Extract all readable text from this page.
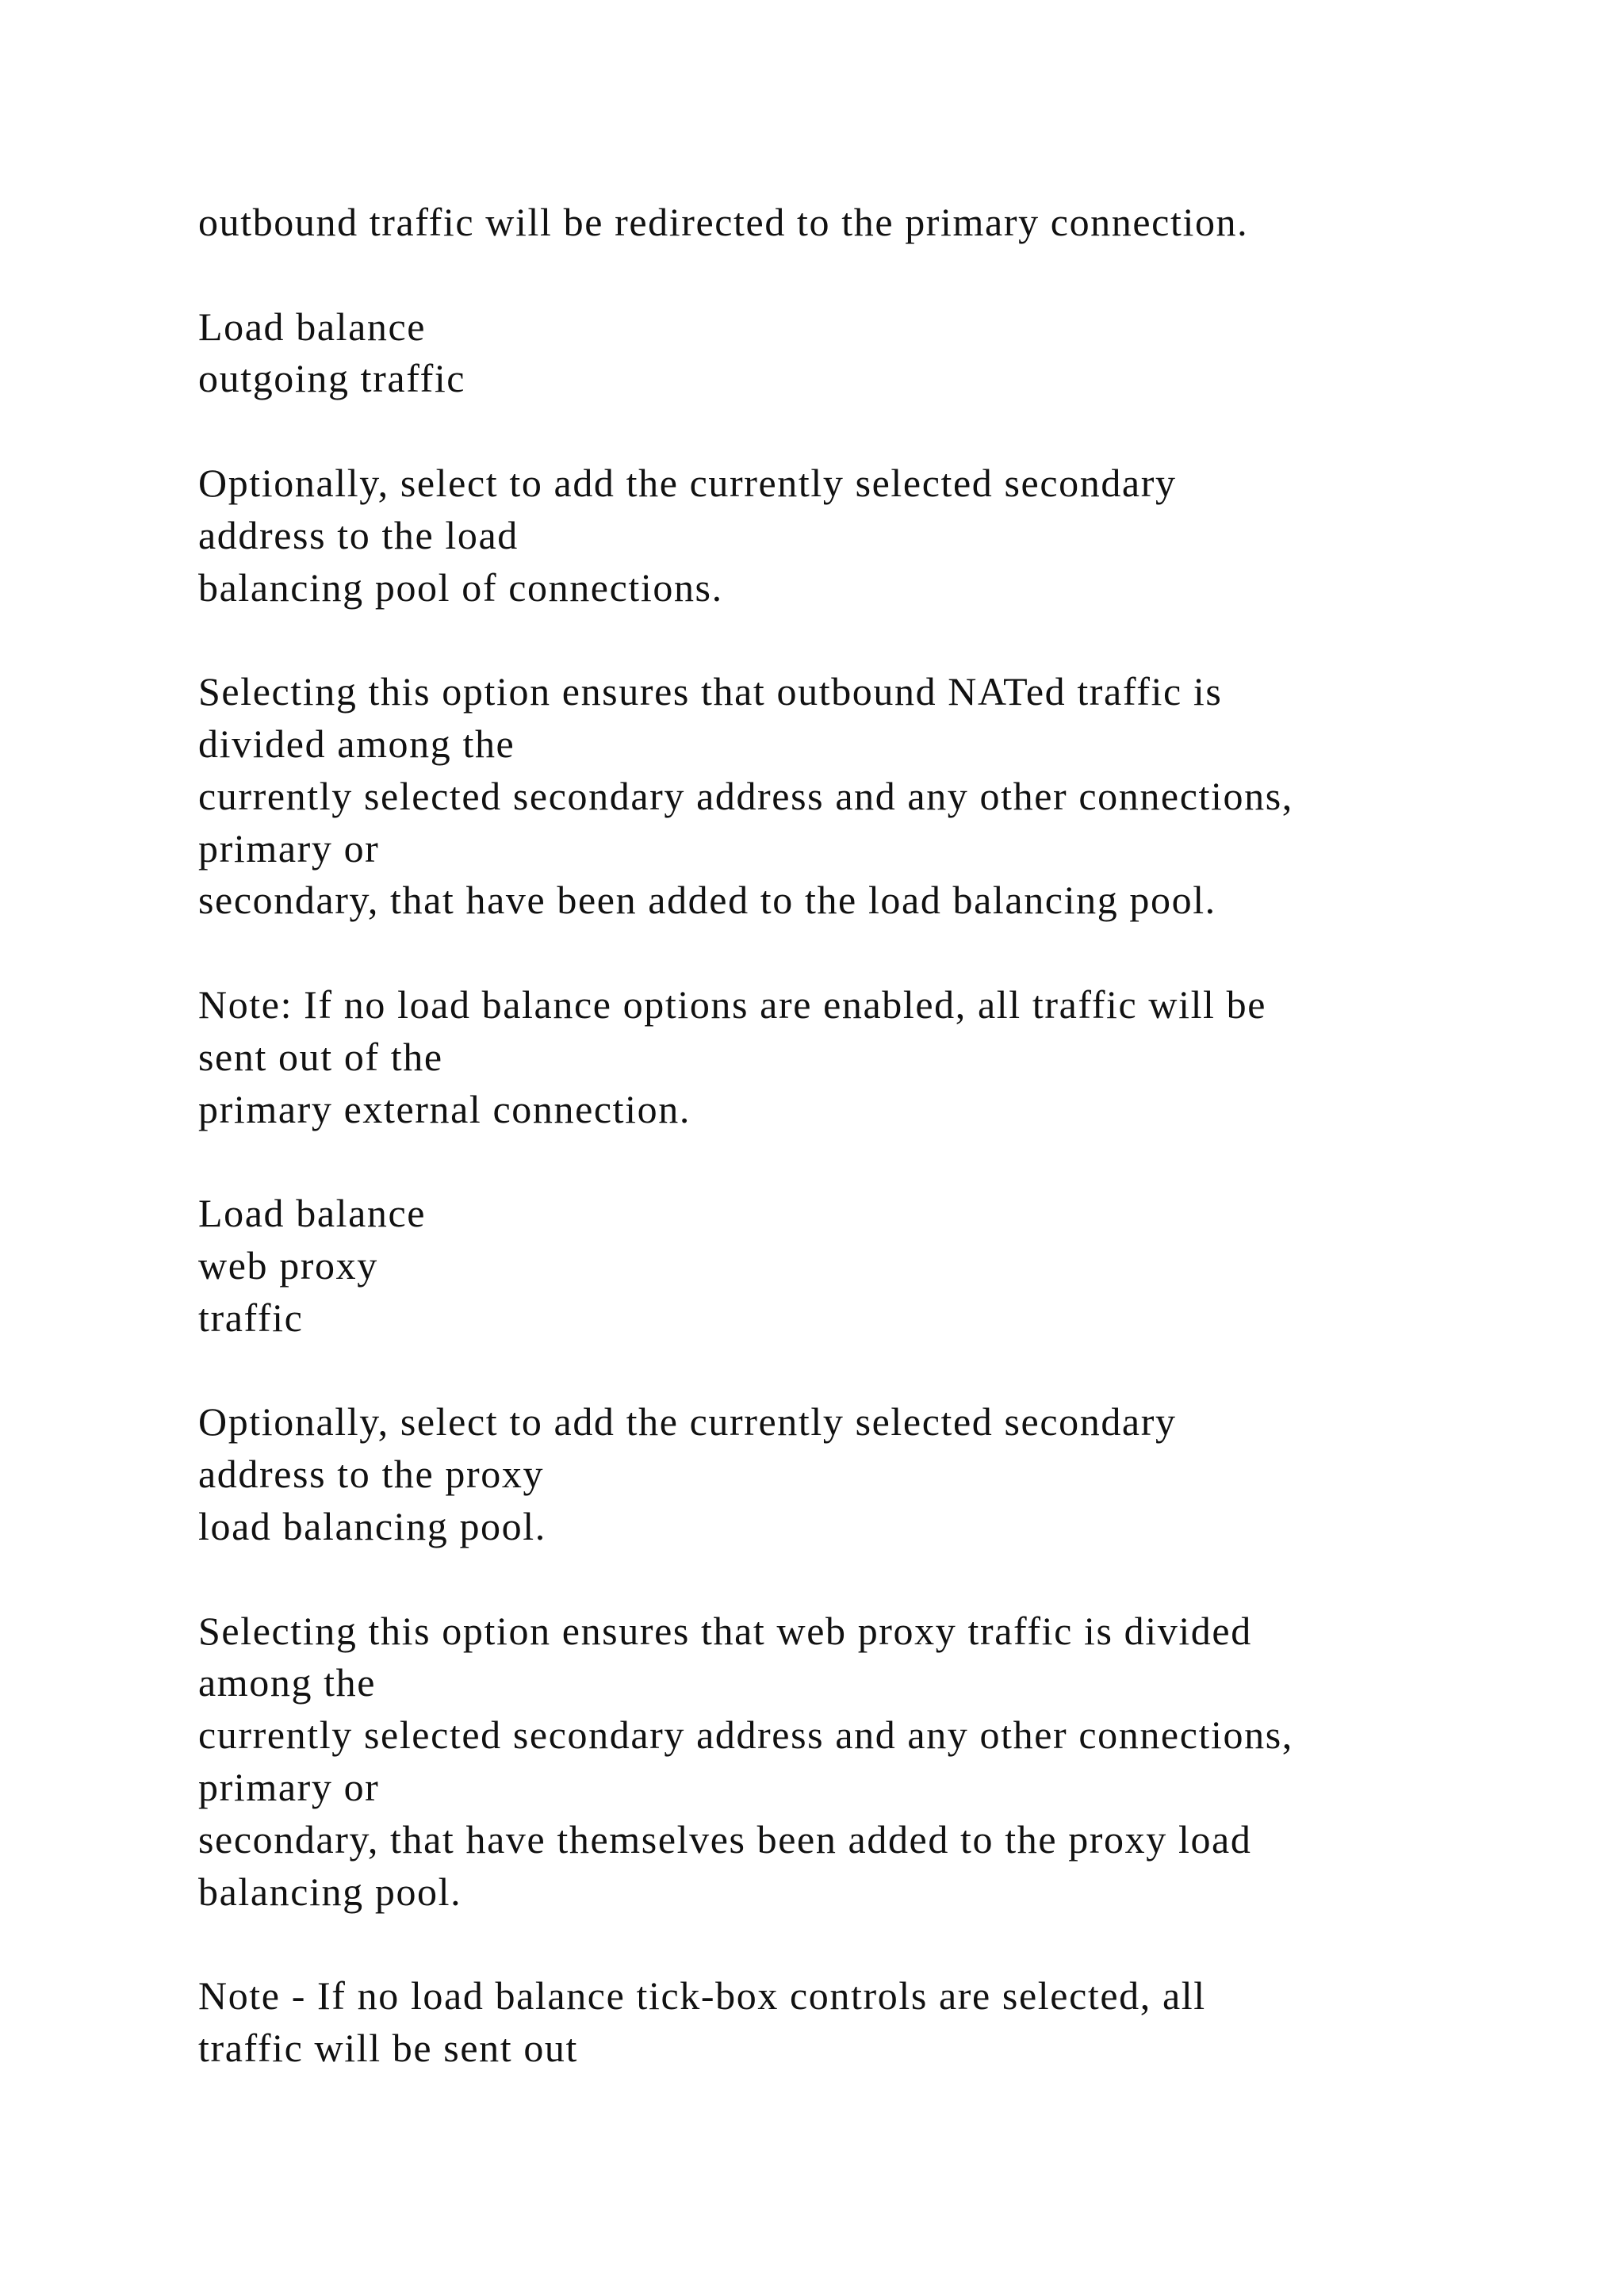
outbound traffic will be redirected to the primary connection.
Load balance
outgoing traffic
Optionally, select to add the currently selected secondary
address to the load
balancing pool of connections.
Selecting this option ensures that outbound NATed traffic is
divided among the
currently selected secondary address and any other connections,
primary or
secondary, that have been added to the load balancing pool.
Note: If no load balance options are enabled, all traffic will be
sent out of the
primary external connection.
Load balance
web proxy
traffic
Optionally, select to add the currently selected secondary
address to the proxy
load balancing pool.
Selecting this option ensures that web proxy traffic is divided
among the
currently selected secondary address and any other connections,
primary or
secondary, that have themselves been added to the proxy load
balancing pool.
Note - If no load balance tick-box controls are selected, all
traffic will be sent out
